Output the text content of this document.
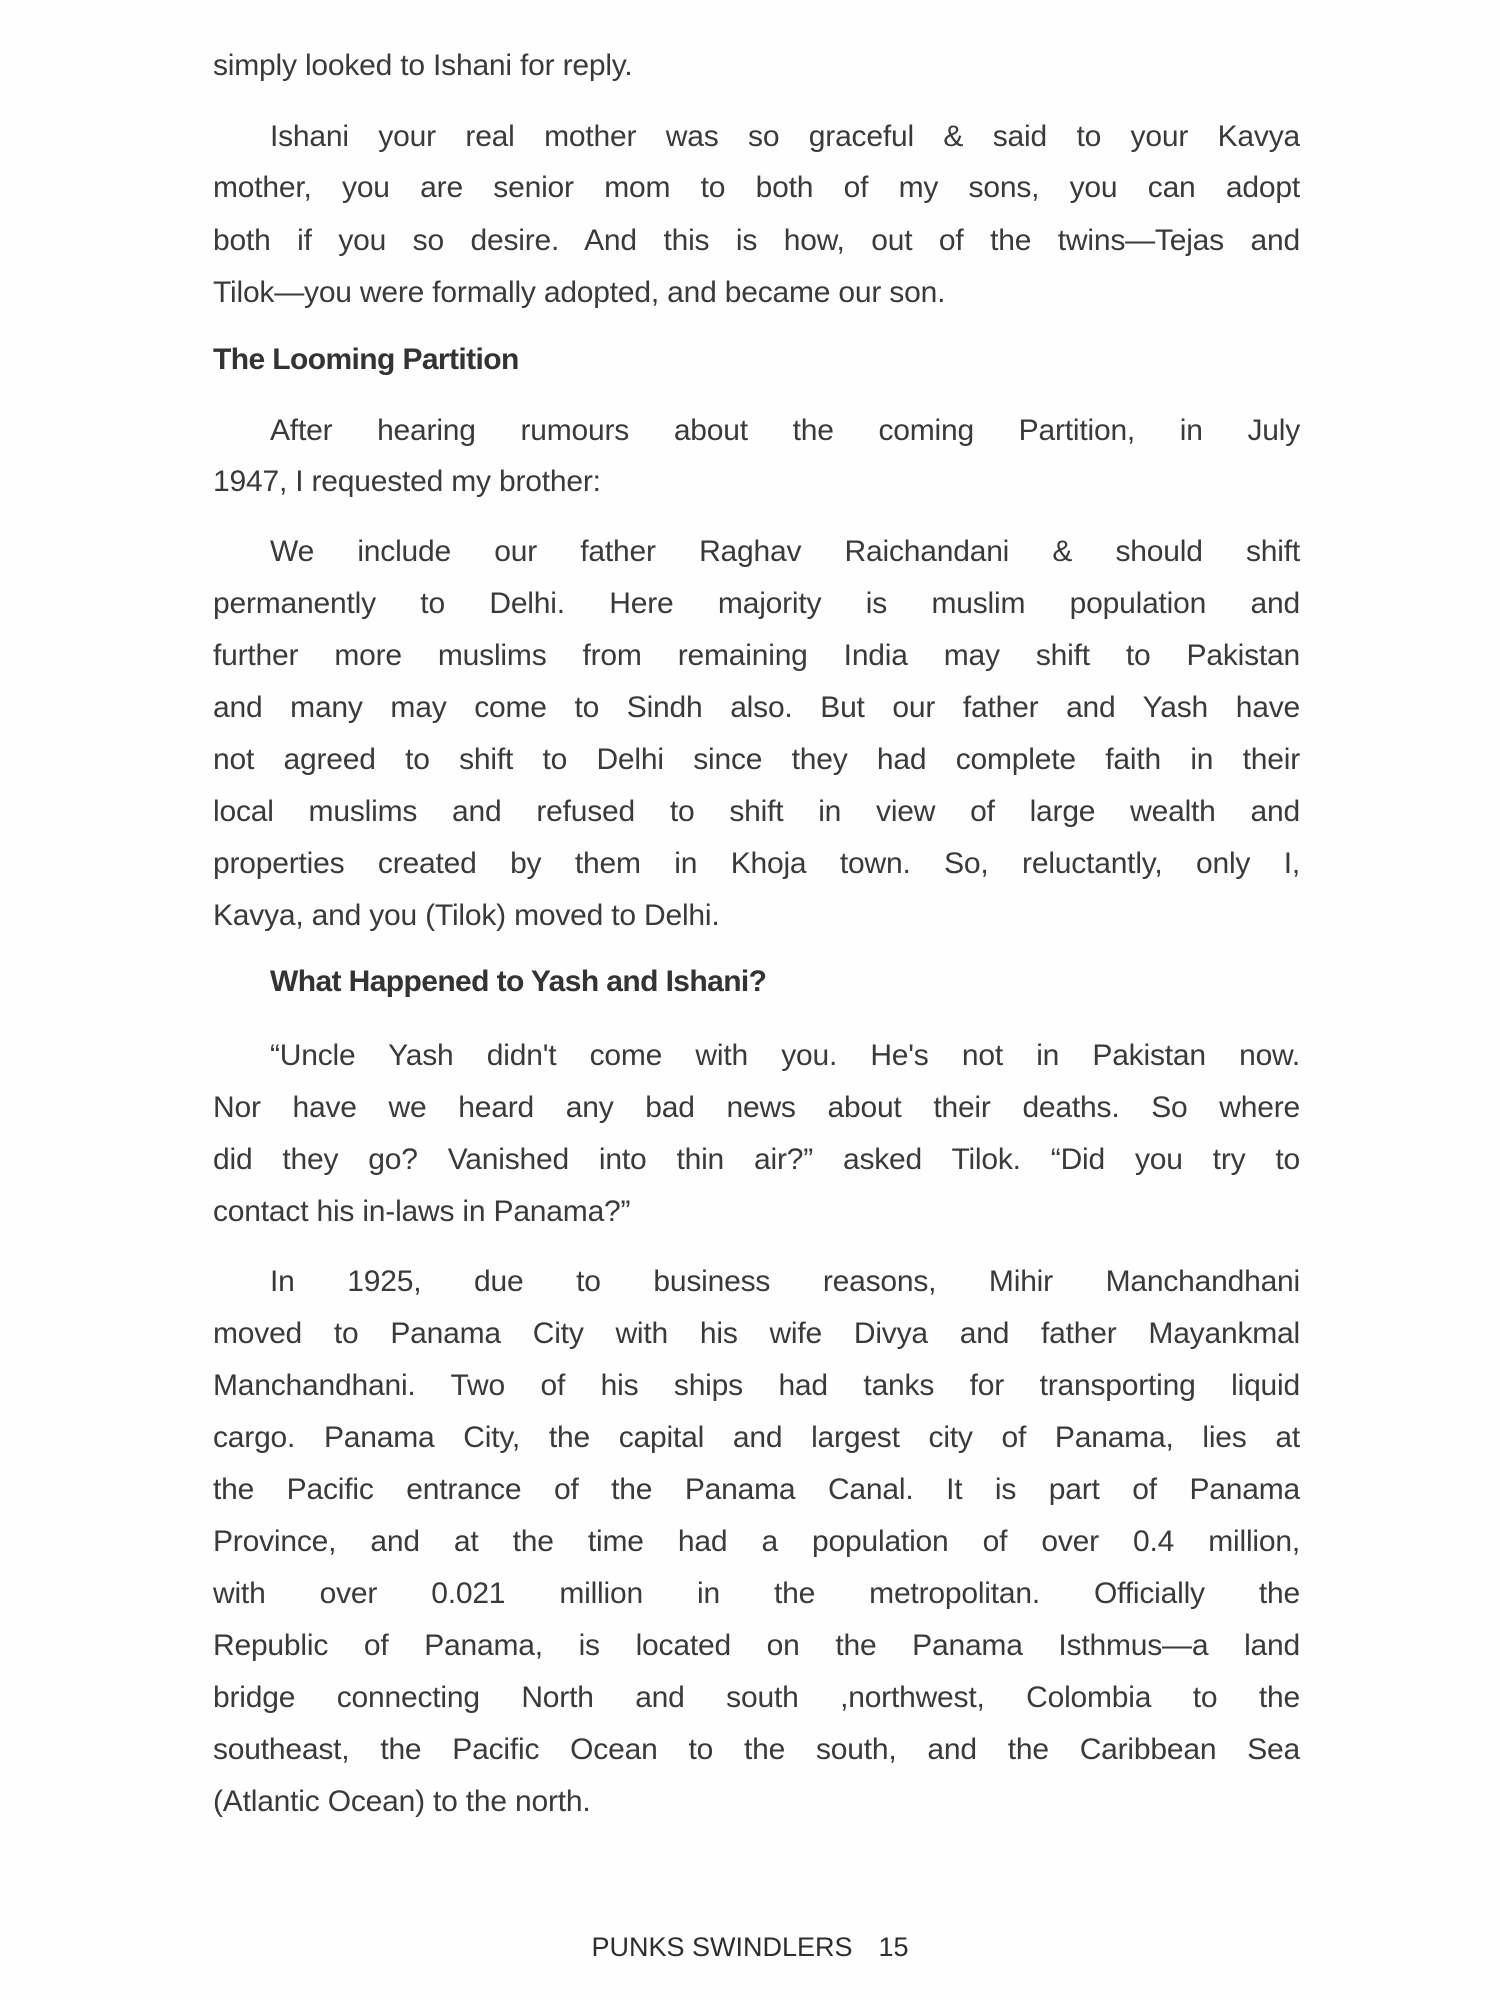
simply looked to Ishani for reply.
Ishani your real mother was so graceful & said to your Kavya
mother, you are senior mom to both of my sons, you can adopt
both if you so desire. And this is how, out of the twins—Tejas and
Tilok—you were formally adopted, and became our son.
The Looming Partition
After hearing rumours about the coming Partition, in July
1947, I requested my brother:
We include our father Raghav Raichandani & should shift
permanently to Delhi. Here majority is muslim population and
further more muslims from remaining India may shift to Pakistan
and many may come to Sindh also. But our father and Yash have
not agreed to shift to Delhi since they had complete faith in their
local muslims and refused to shift in view of large wealth and
properties created by them in Khoja town. So, reluctantly, only I,
Kavya, and you (Tilok) moved to Delhi.
What Happened to Yash and Ishani?
“Uncle Yash didn't come with you. He's not in Pakistan now.
Nor have we heard any bad news about their deaths. So where
did they go? Vanished into thin air?” asked Tilok. “Did you try to
contact his in-laws in Panama?”
In 1925, due to business reasons, Mihir Manchandhani
moved to Panama City with his wife Divya and father Mayankmal
Manchandhani. Two of his ships had tanks for transporting liquid
cargo. Panama City, the capital and largest city of Panama, lies at
the Pacific entrance of the Panama Canal. It is part of Panama
Province, and at the time had a population of over 0.4 million,
with over 0.021 million in the metropolitan. Officially the
Republic of Panama, is located on the Panama Isthmus—a land
bridge connecting North and south ,northwest, Colombia to the
southeast, the Pacific Ocean to the south, and the Caribbean Sea
(Atlantic Ocean) to the north.
PUNKS SWINDLERS 15
